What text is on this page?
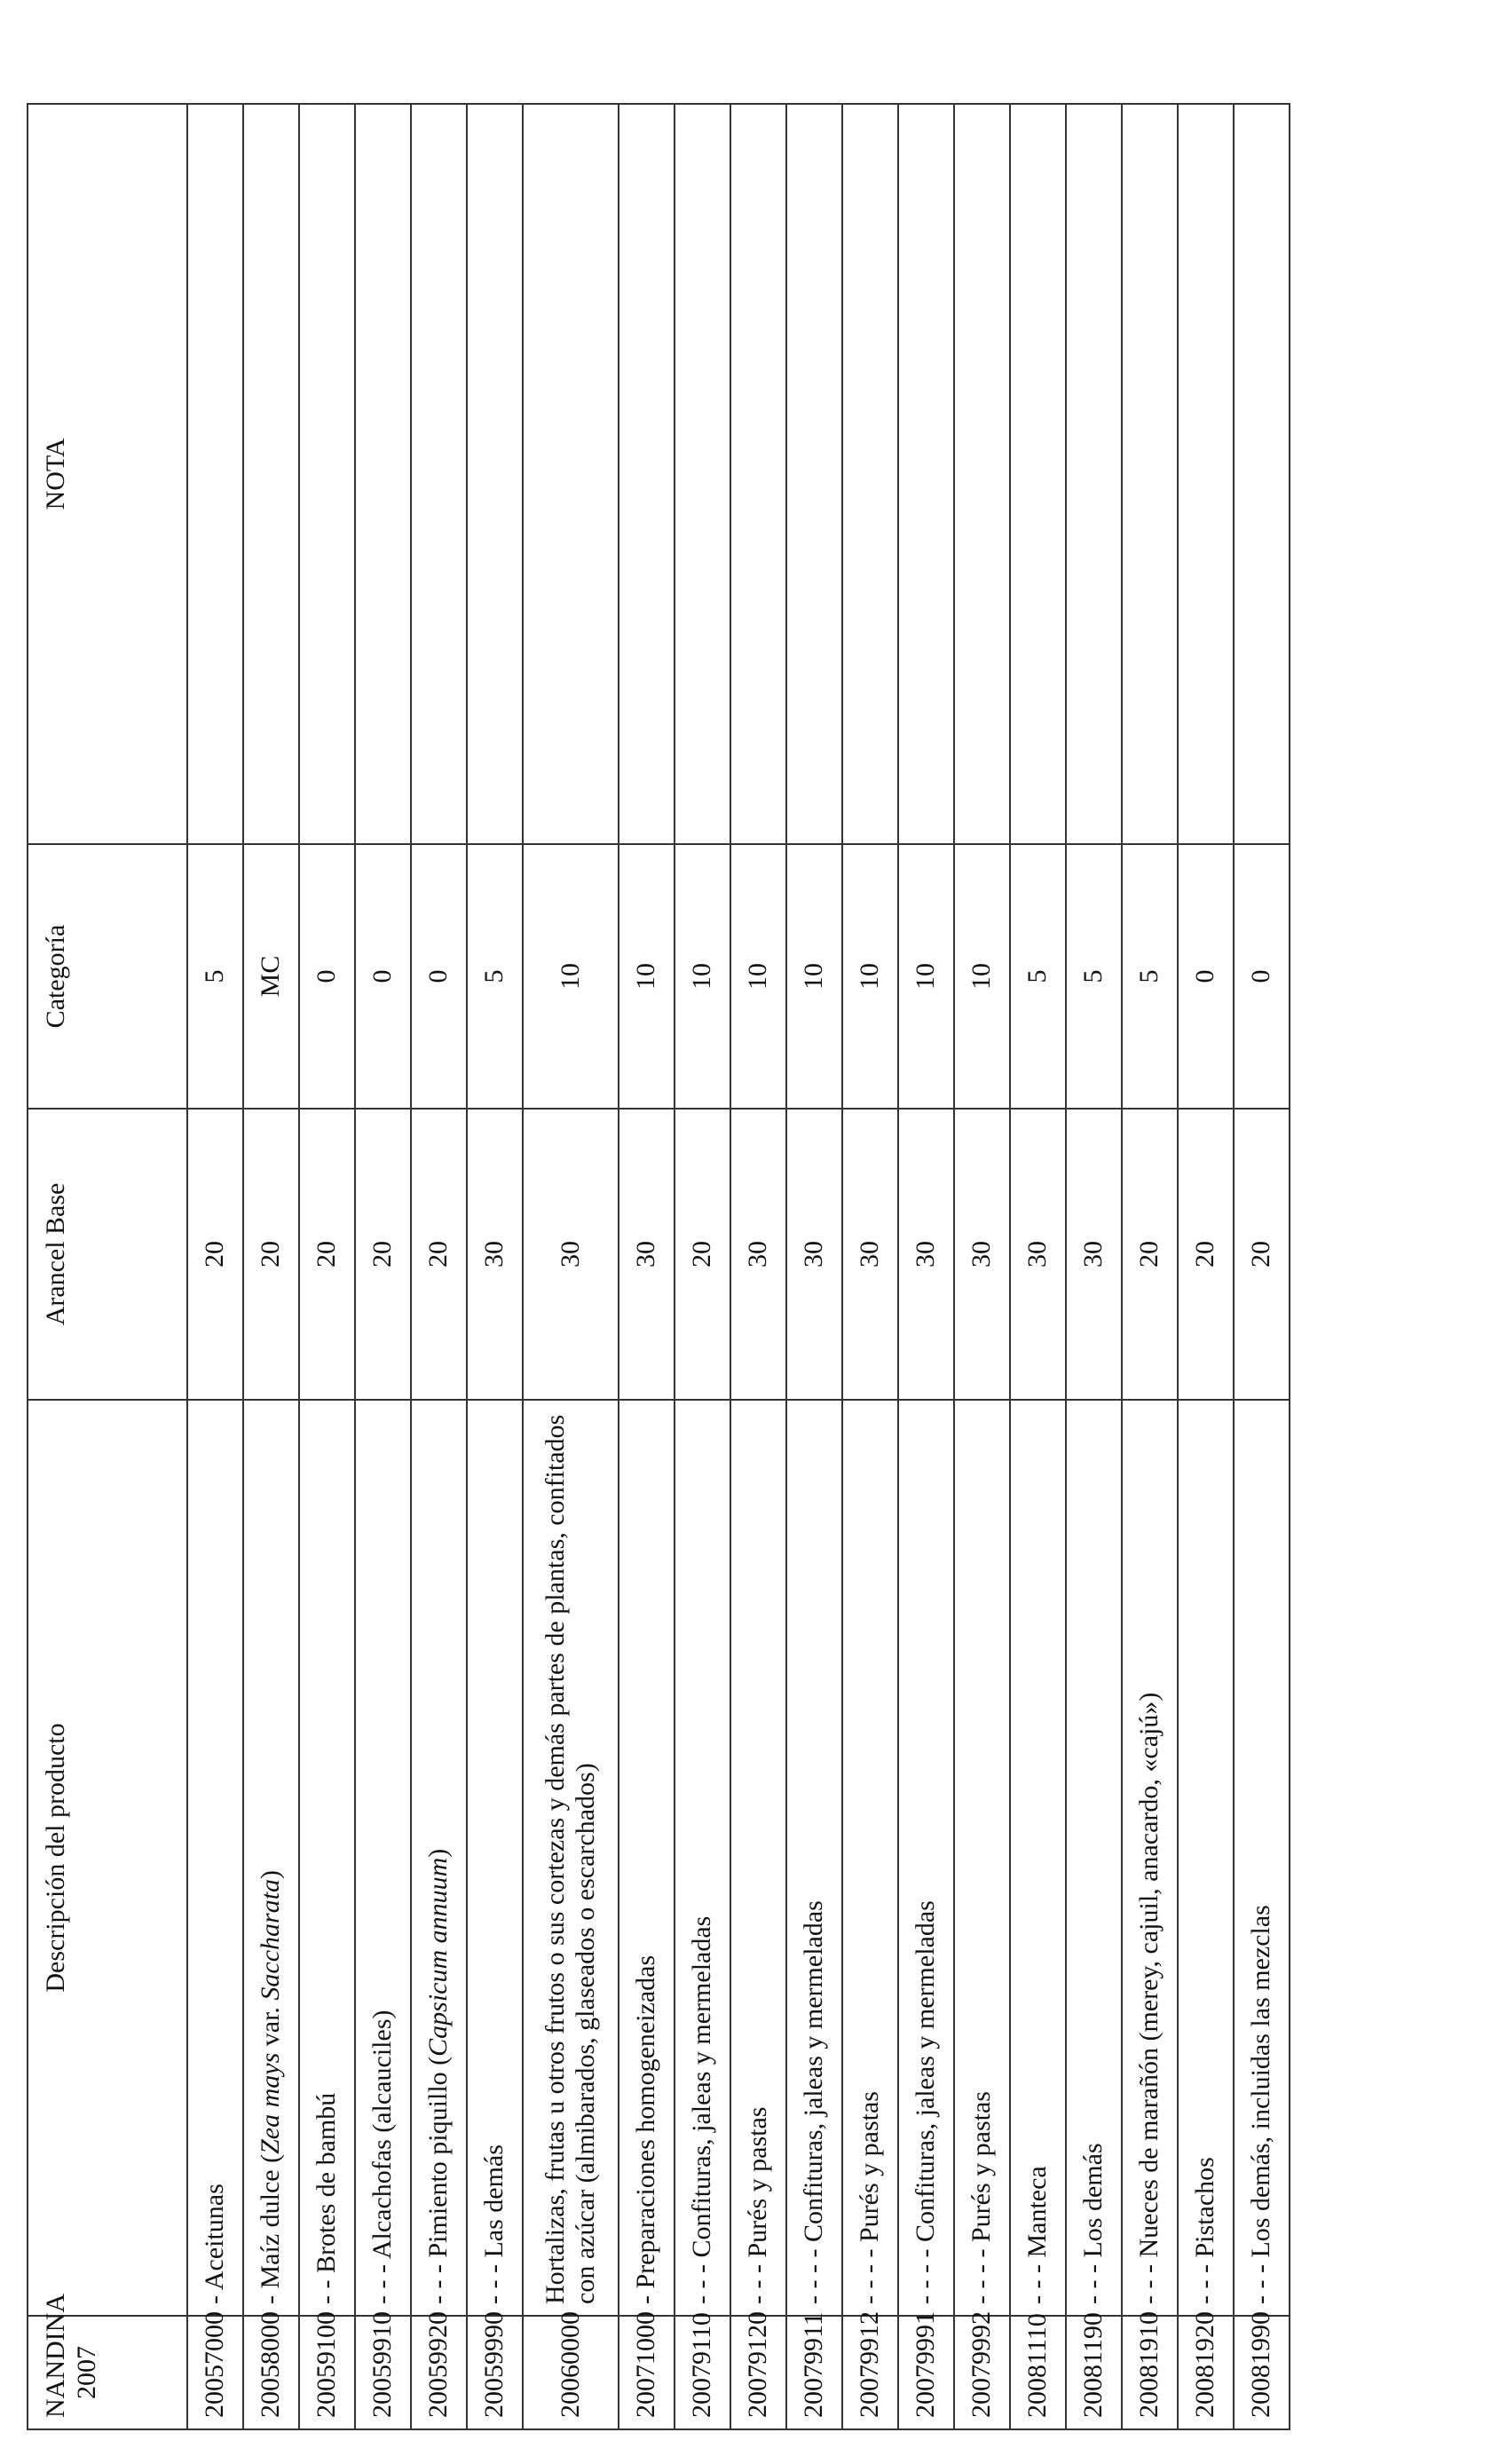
NANDINA
2007	Descripción del producto	Arancel Base	Categoría	NOTA
20057000	- Aceitunas	20	5	
20058000	- Maíz dulce (Zea mays var. Saccharata)	20	MC	
20059100	- - Brotes de bambú	20	0	
20059910	- - - Alcachofas (alcauciles)	20	0	
20059920	- - - Pimiento piquillo (Capsicum annuum)	20	0	
20059990	- - - Las demás	30	5	
20060000	Hortalizas, frutas u otros frutos o sus cortezas y demás partes de plantas, confitados con azúcar (almibarados, glaseados o escarchados)	30	10	
20071000	- Preparaciones homogeneizadas	30	10	
20079110	- - - Confituras, jaleas y mermeladas	20	10	
20079120	- - - Purés y pastas	30	10	
20079911	- - - - Confituras, jaleas y mermeladas	30	10	
20079912	- - - - Purés y pastas	30	10	
20079991	- - - - Confituras, jaleas y mermeladas	30	10	
20079992	- - - - Purés y pastas	30	10	
20081110	- - - Manteca	30	5	
20081190	- - - Los demás	30	5	
20081910	- - - Nueces de marañón (merey, cajuil, anacardo, «cajú»)	20	5	
20081920	- - - Pistachos	20	0	
20081990	- - - Los demás, incluidas las mezclas	20	0	
